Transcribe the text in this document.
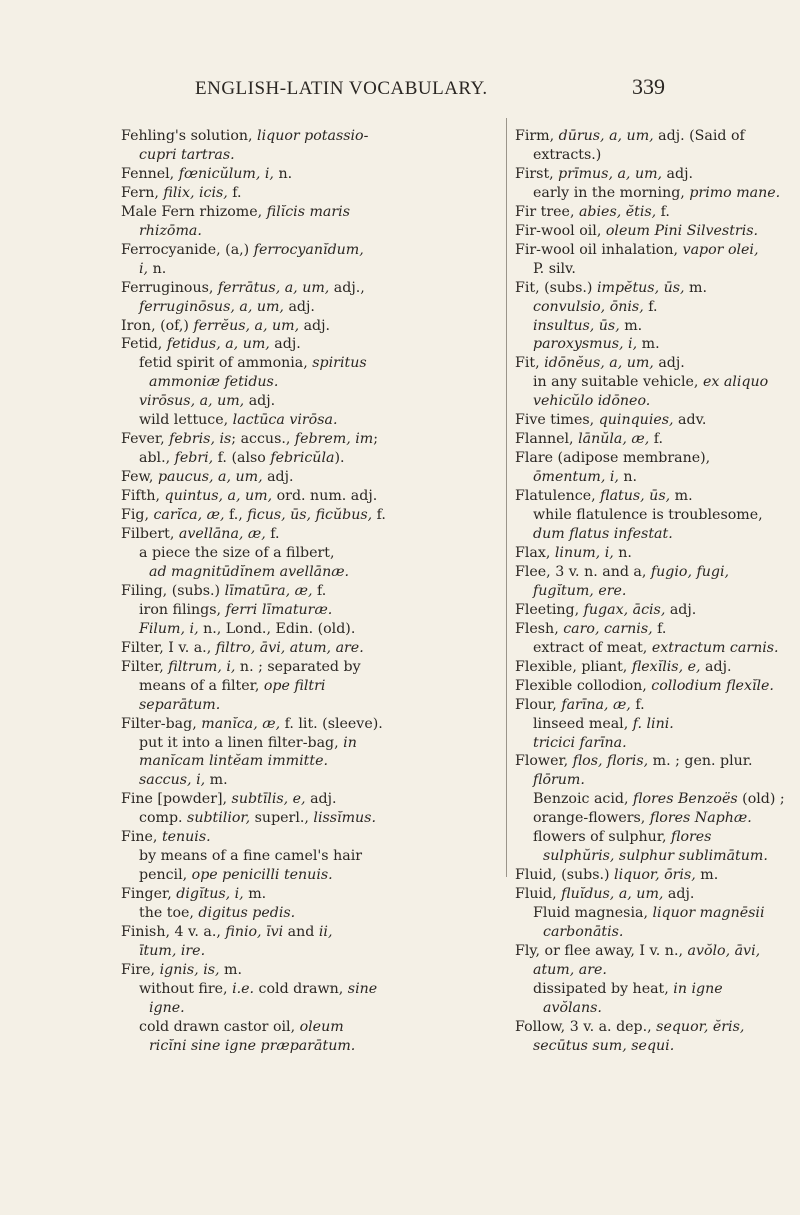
ENGLISH-LATIN VOCABULARY.	339
Fehling's solution, liquor potassio-
cupri tartras.
Fennel, fœnicŭlum, i, n.
Fern, filix, icis, f.
Male Fern rhizome, filĭcis maris
rhizōma.
Ferrocyanide, (a,) ferrocyanĭdum,
i, n.
Ferruginous, ferrātus, a, um, adj.,
ferruginōsus, a, um, adj.
Iron, (of,) ferrĕus, a, um, adj.
Fetid, fetidus, a, um, adj.
fetid spirit of ammonia, spiritus
ammoniæ fetidus.
virōsus, a, um, adj.
wild lettuce, lactūca virōsa.
Fever, febris, is; accus., febrem, im;
abl., febri, f. (also febricŭla).
Few, paucus, a, um, adj.
Fifth, quintus, a, um, ord. num. adj.
Fig, carĭca, æ, f., ficus, ūs, ficŭbus, f.
Filbert, avellāna, æ, f.
a piece the size of a filbert,
ad magnitūdĭnem avellānæ.
Filing, (subs.) līmatūra, æ, f.
iron filings, ferri līmaturæ.
Filum, i, n., Lond., Edin. (old).
Filter, I v. a., filtro, āvi, atum, are.
Filter, filtrum, i, n. ; separated by
means of a filter, ope filtri
separātum.
Filter-bag, manĭca, æ, f. lit. (sleeve).
put it into a linen filter-bag, in
manĭcam lintĕam immitte.
saccus, i, m.
Fine [powder], subtīlis, e, adj.
comp. subtilior, superl., lissĭmus.
Fine, tenuis.
by means of a fine camel's hair
pencil, ope penicilli tenuis.
Finger, digĭtus, i, m.
the toe, digitus pedis.
Finish, 4 v. a., finio, īvi and ii,
ītum, ire.
Fire, ignis, is, m.
without fire, i.e. cold drawn, sine
igne.
cold drawn castor oil, oleum
ricĭni sine igne præparātum.
Firm, dūrus, a, um, adj. (Said of
extracts.)
First, prīmus, a, um, adj.
early in the morning, primo mane.
Fir tree, abies, ĕtis, f.
Fir-wool oil, oleum Pini Silvestris.
Fir-wool oil inhalation, vapor olei,
P. silv.
Fit, (subs.) impĕtus, ūs, m.
convulsio, ōnis, f.
insultus, ūs, m.
paroxysmus, i, m.
Fit, idōnĕus, a, um, adj.
in any suitable vehicle, ex aliquo
vehicŭlo idōneo.
Five times, quinquies, adv.
Flannel, lānŭla, æ, f.
Flare (adipose membrane),
ōmentum, i, n.
Flatulence, flatus, ūs, m.
while flatulence is troublesome,
dum flatus infestat.
Flax, linum, i, n.
Flee, 3 v. n. and a, fugio, fugi,
fugĭtum, ere.
Fleeting, fugax, ācis, adj.
Flesh, caro, carnis, f.
extract of meat, extractum carnis.
Flexible, pliant, flexĭlis, e, adj.
Flexible collodion, collodium flexĭle.
Flour, farīna, æ, f.
linseed meal, f. lini.
tricici farīna.
Flower, flos, floris, m. ; gen. plur.
flōrum.
Benzoic acid, flores Benzoës (old) ;
orange-flowers, flores Naphæ.
flowers of sulphur, flores
sulphŭris, sulphur sublimātum.
Fluid, (subs.) liquor, ōris, m.
Fluid, fluĭdus, a, um, adj.
Fluid magnesia, liquor magnēsii
carbonātis.
Fly, or flee away, I v. n., avŏlo, āvi,
atum, are.
dissipated by heat, in igne
avŏlans.
Follow, 3 v. a. dep., sequor, ĕris,
secūtus sum, sequi.
